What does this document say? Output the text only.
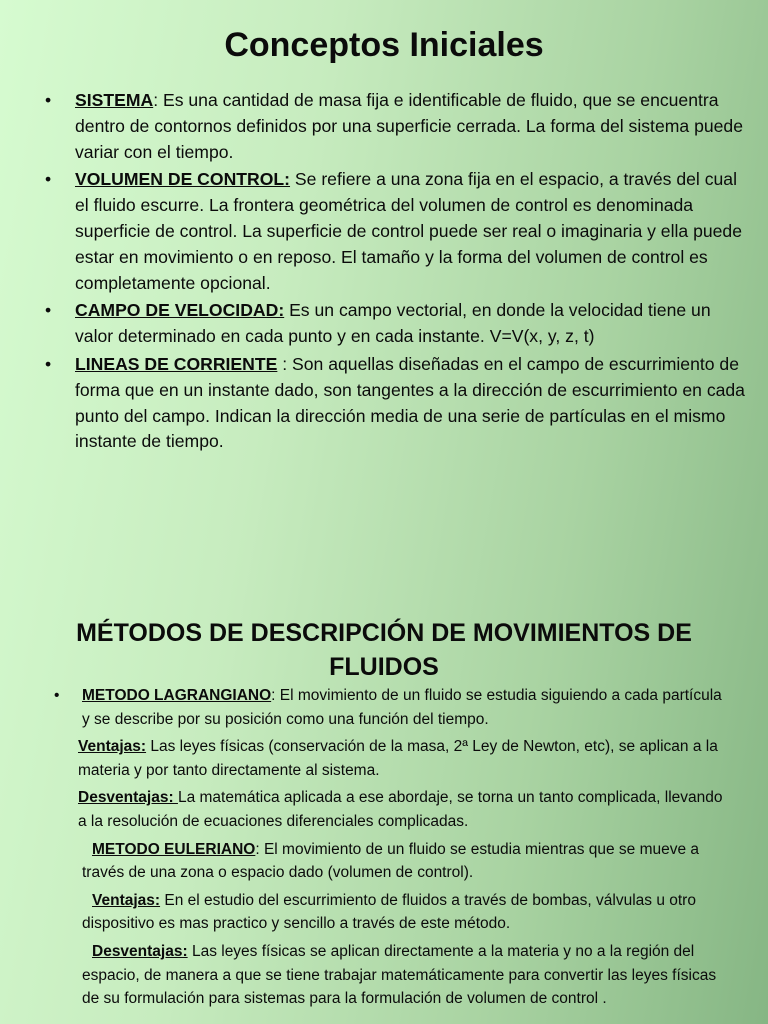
Conceptos Iniciales
• SISTEMA: Es una cantidad de masa fija e identificable de fluido, que se encuentra dentro de contornos definidos por una superficie cerrada. La forma del sistema puede variar con el tiempo.
• VOLUMEN DE CONTROL: Se refiere a una zona fija en el espacio, a través del cual el fluido escurre. La frontera geométrica del volumen de control es denominada superficie de control. La superficie de control puede ser real o imaginaria y ella puede estar en movimiento o en reposo. El tamaño y la forma del volumen de control es completamente opcional.
• CAMPO DE VELOCIDAD: Es un campo vectorial, en donde la velocidad tiene un valor determinado en cada punto y en cada instante. V=V(x, y, z, t)
• LINEAS DE CORRIENTE : Son aquellas diseñadas en el campo de escurrimiento de forma que en un instante dado, son tangentes a la dirección de escurrimiento en cada punto del campo. Indican la dirección media de una serie de partículas en el mismo instante de tiempo.
MÉTODOS DE DESCRIPCIÓN DE MOVIMIENTOS DE FLUIDOS
• METODO LAGRANGIANO: El movimiento de un fluido se estudia siguiendo a cada partícula y se describe por su posición como una función del tiempo.
Ventajas: Las leyes físicas (conservación de la masa, 2ª Ley de Newton, etc), se aplican a la materia y por tanto directamente al sistema.
Desventajas: La matemática aplicada a ese abordaje, se torna un tanto complicada, llevando a la resolución de ecuaciones diferenciales complicadas.
METODO EULERIANO: El movimiento de un fluido se estudia mientras que se mueve a través de una zona o espacio dado (volumen de control).
Ventajas: En el estudio del escurrimiento de fluidos a través de bombas, válvulas u otro dispositivo es mas practico y sencillo a través de este método.
Desventajas: Las leyes físicas se aplican directamente a la materia y no a la región del espacio, de manera a que se tiene trabajar matemáticamente para convertir las leyes físicas de su formulación para sistemas para la formulación de volumen de control .
